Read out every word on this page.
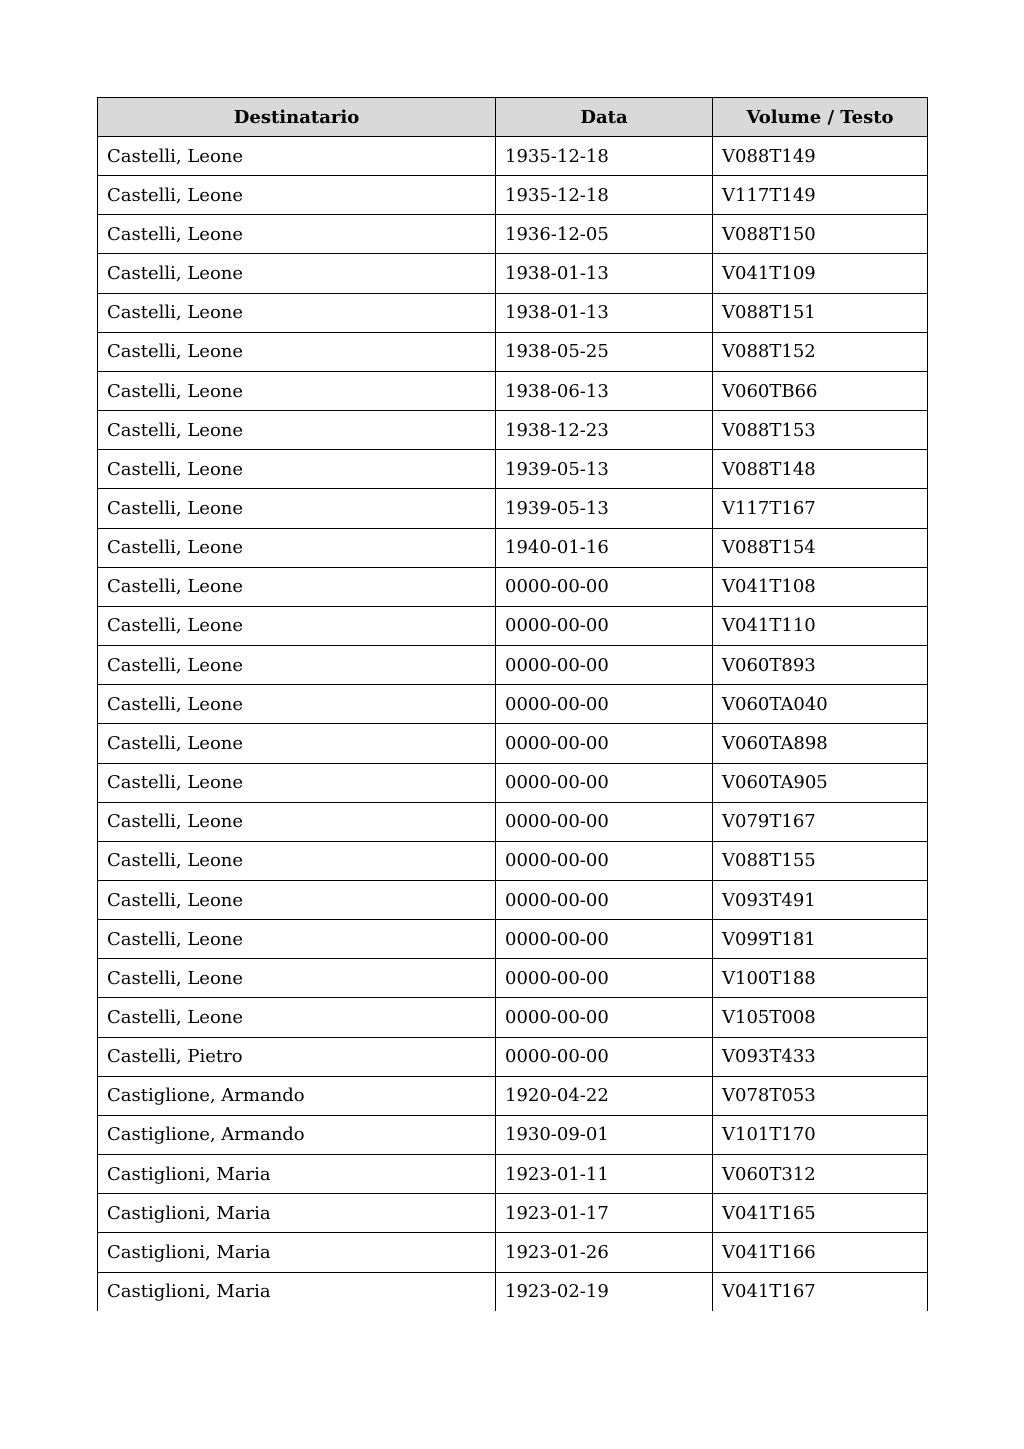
Destinatario	Data	Volume / Testo
Castelli, Leone	1935-12-18	V088T149
Castelli, Leone	1935-12-18	V117T149
Castelli, Leone	1936-12-05	V088T150
Castelli, Leone	1938-01-13	V041T109
Castelli, Leone	1938-01-13	V088T151
Castelli, Leone	1938-05-25	V088T152
Castelli, Leone	1938-06-13	V060TB66
Castelli, Leone	1938-12-23	V088T153
Castelli, Leone	1939-05-13	V088T148
Castelli, Leone	1939-05-13	V117T167
Castelli, Leone	1940-01-16	V088T154
Castelli, Leone	0000-00-00	V041T108
Castelli, Leone	0000-00-00	V041T110
Castelli, Leone	0000-00-00	V060T893
Castelli, Leone	0000-00-00	V060TA040
Castelli, Leone	0000-00-00	V060TA898
Castelli, Leone	0000-00-00	V060TA905
Castelli, Leone	0000-00-00	V079T167
Castelli, Leone	0000-00-00	V088T155
Castelli, Leone	0000-00-00	V093T491
Castelli, Leone	0000-00-00	V099T181
Castelli, Leone	0000-00-00	V100T188
Castelli, Leone	0000-00-00	V105T008
Castelli, Pietro	0000-00-00	V093T433
Castiglione, Armando	1920-04-22	V078T053
Castiglione, Armando	1930-09-01	V101T170
Castiglioni, Maria	1923-01-11	V060T312
Castiglioni, Maria	1923-01-17	V041T165
Castiglioni, Maria	1923-01-26	V041T166
Castiglioni, Maria	1923-02-19	V041T167
